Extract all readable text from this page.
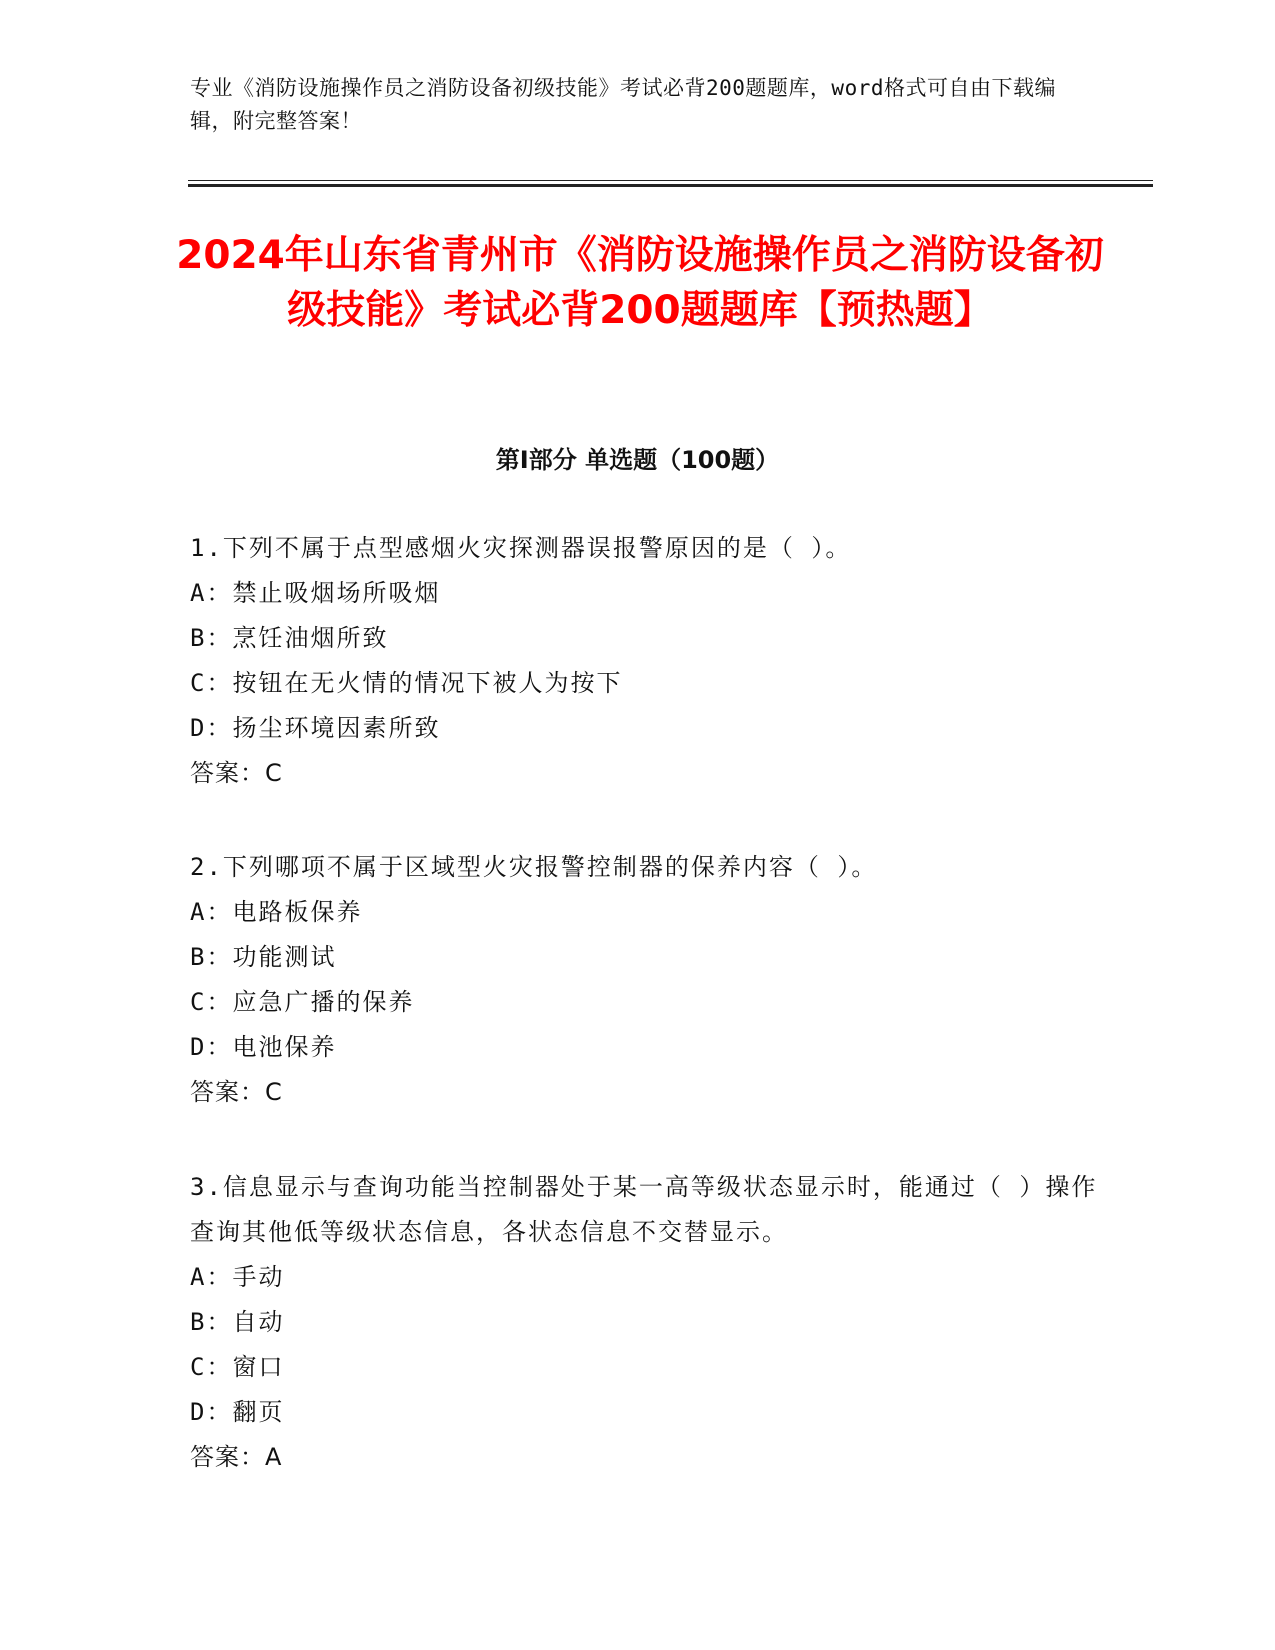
专业《消防设施操作员之消防设备初级技能》考试必背200题题库，word格式可自由下载编辑，附完整答案！
2024年山东省青州市《消防设施操作员之消防设备初级技能》考试必背200题题库【预热题】
第Ⅰ部分 单选题（100题）
1.下列不属于点型感烟火灾探测器误报警原因的是（ ）。
A：禁止吸烟场所吸烟
B：烹饪油烟所致
C：按钮在无火情的情况下被人为按下
D：扬尘环境因素所致
答案：C
2.下列哪项不属于区域型火灾报警控制器的保养内容（ ）。
A：电路板保养
B：功能测试
C：应急广播的保养
D：电池保养
答案：C
3.信息显示与查询功能当控制器处于某一高等级状态显示时，能通过（ ）操作查询其他低等级状态信息，各状态信息不交替显示。
A：手动
B：自动
C：窗口
D：翻页
答案：A
